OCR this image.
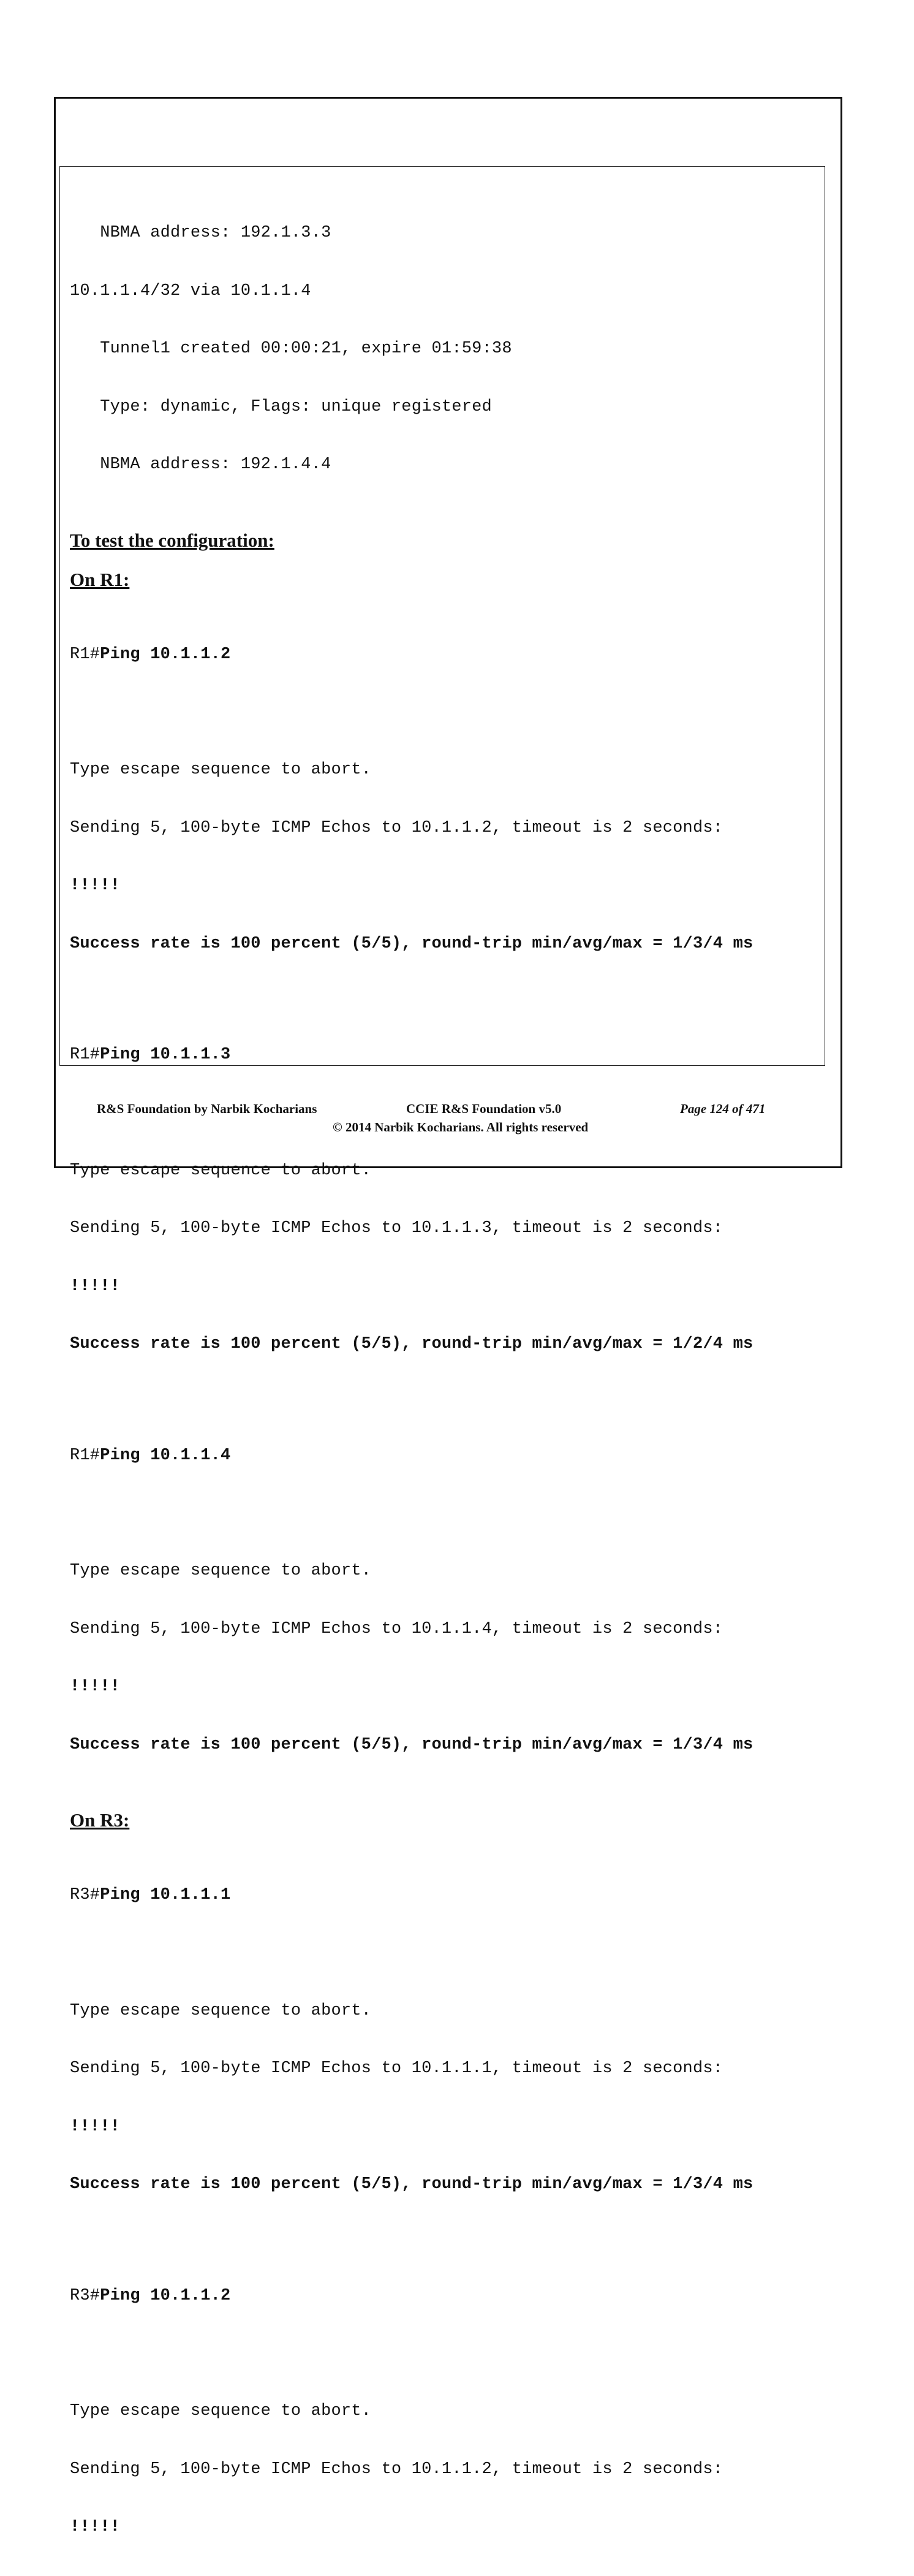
NBMA address: 192.1.3.3

10.1.1.4/32 via 10.1.1.4

Tunnel1 created 00:00:21, expire 01:59:38

Type: dynamic, Flags: unique registered

NBMA address: 192.1.4.4

To test the configuration:
On R1:

R1#Ping 10.1.1.2

Type escape sequence to abort.

Sending 5, 100-byte ICMP Echos to 10.1.1.2, timeout is 2 seconds:

!!!!!

Success rate is 100 percent (5/5), round-trip min/avg/max = 1/3/4 ms

R1#Ping 10.1.1.3

Type escape sequence to abort.

Sending 5, 100-byte ICMP Echos to 10.1.1.3, timeout is 2 seconds:

!!!!!

Success rate is 100 percent (5/5), round-trip min/avg/max = 1/2/4 ms

R1#Ping 10.1.1.4

Type escape sequence to abort.

Sending 5, 100-byte ICMP Echos to 10.1.1.4, timeout is 2 seconds:

!!!!!

Success rate is 100 percent (5/5), round-trip min/avg/max = 1/3/4 ms

On R3:

R3#Ping 10.1.1.1

Type escape sequence to abort.

Sending 5, 100-byte ICMP Echos to 10.1.1.1, timeout is 2 seconds:

!!!!!

Success rate is 100 percent (5/5), round-trip min/avg/max = 1/3/4 ms

R3#Ping 10.1.1.2

Type escape sequence to abort.

Sending 5, 100-byte ICMP Echos to 10.1.1.2, timeout is 2 seconds:

!!!!!

R&S Foundation by Narbik Kocharians	CCIE R&S Foundation v5.0	Page 124 of 471
© 2014 Narbik Kocharians. All rights reserved
